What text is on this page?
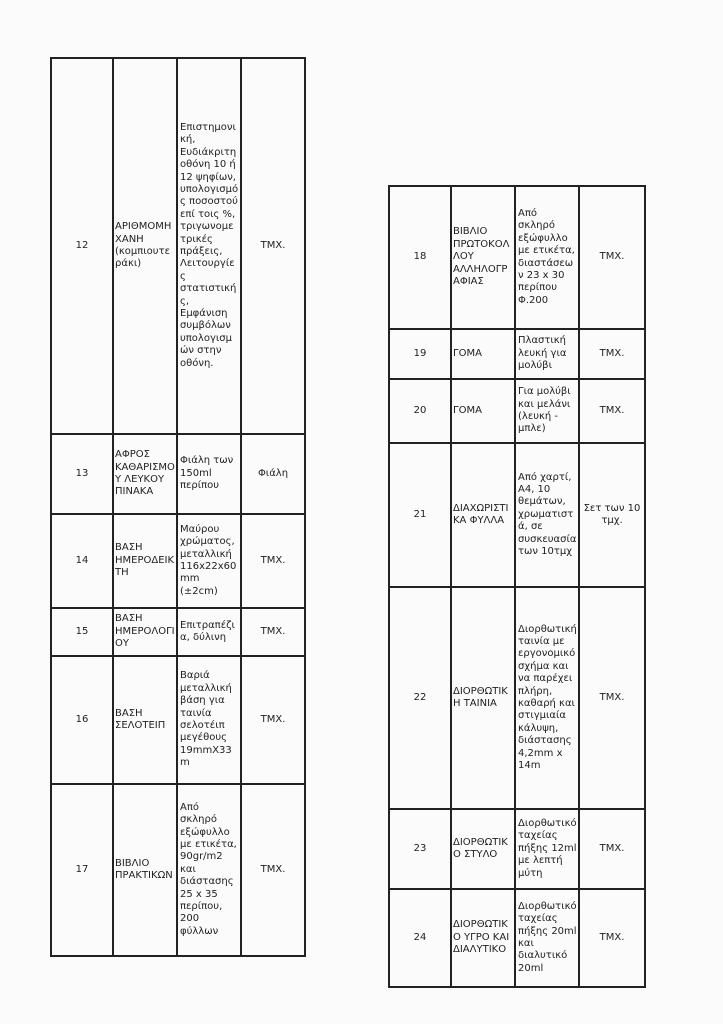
12	ΑΡΙΘΜΟΜΗΧΑΝΗ (κομπιουτεράκι)	Επιστημονική, Ευδιάκριτη οθόνη 10 ή 12 ψηφίων, υπολογισμός ποσοστού επί τοις %, τριγωνομετρικές πράξεις, Λειτουργίες στατιστικής, Εμφάνιση συμβόλων υπολογισμών στην οθόνη.	ΤΜΧ.
13	ΑΦΡΟΣ ΚΑΘΑΡΙΣΜΟΥ ΛΕΥΚΟΥ ΠΙΝΑΚΑ	Φιάλη των 150ml περίπου	Φιάλη
14	ΒΑΣΗ ΗΜΕΡΟΔΕΙΚΤΗ	Μαύρου χρώματος, μεταλλική 116x22x60 mm (±2cm)	ΤΜΧ.
15	ΒΑΣΗ ΗΜΕΡΟΛΟΓΙΟΥ	Επιτραπέζια, δύλινη	ΤΜΧ.
16	ΒΑΣΗ ΣΕΛΟΤΕΙΠ	Βαριά μεταλλική βάση για ταινία σελοτέιπ μεγέθους 19mmX33m	ΤΜΧ.
17	ΒΙΒΛΙΟ ΠΡΑΚΤΙΚΩΝ	Από σκληρό εξώφυλλο με ετικέτα, 90gr/m2 και διάστασης 25 x 35 περίπου, 200 φύλλων	ΤΜΧ.
18	ΒΙΒΛΙΟ ΠΡΩΤΟΚΟΛΛΟΥ ΑΛΛΗΛΟΓΡΑΦΙΑΣ	Από σκληρό εξώφυλλο με ετικέτα, διαστάσεων 23 x 30 περίπου Φ.200	ΤΜΧ.
19	ΓΟΜΑ	Πλαστική λευκή για μολύβι	ΤΜΧ.
20	ΓΟΜΑ	Για μολύβι και μελάνι (λευκή - μπλε)	ΤΜΧ.
21	ΔΙΑΧΩΡΙΣΤΙΚΑ ΦΥΛΛΑ	Από χαρτί, Α4, 10 θεμάτων, χρωματιστά, σε συσκευασία των 10τμχ	Σετ των 10 τμχ.
22	ΔΙΟΡΘΩΤΙΚΗ ΤΑΙΝΙΑ	Διορθωτική ταινία με εργονομικό σχήμα και να παρέχει πλήρη, καθαρή και στιγμιαία κάλυψη, διάστασης 4,2mm x 14m	ΤΜΧ.
23	ΔΙΟΡΘΩΤΙΚΟ ΣΤΥΛΟ	Διορθωτικό ταχείας πήξης 12ml με λεπτή μύτη	ΤΜΧ.
24	ΔΙΟΡΘΩΤΙΚΟ ΥΓΡΟ ΚΑΙ ΔΙΑΛΥΤΙΚΟ	Διορθωτικό ταχείας πήξης 20ml και διαλυτικό 20ml	ΤΜΧ.
